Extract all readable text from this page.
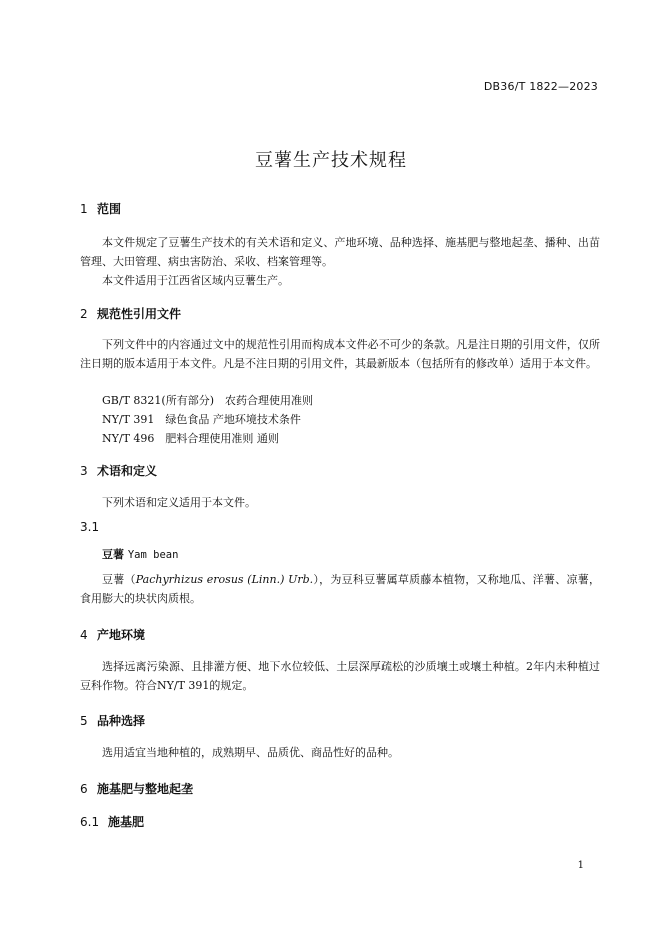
DB36/T 1822—2023
豆薯生产技术规程
1 范围
本文件规定了豆薯生产技术的有关术语和定义、产地环境、品种选择、施基肥与整地起垄、播种、出苗管理、大田管理、病虫害防治、采收、档案管理等。
本文件适用于江西省区域内豆薯生产。
2 规范性引用文件
下列文件中的内容通过文中的规范性引用而构成本文件必不可少的条款。凡是注日期的引用文件，仅所注日期的版本适用于本文件。凡是不注日期的引用文件，其最新版本（包括所有的修改单）适用于本文件。
GB/T 8321(所有部分)　农药合理使用准则
NY/T 391　绿色食品 产地环境技术条件
NY/T 496　肥料合理使用准则 通则
3 术语和定义
下列术语和定义适用于本文件。
3.1
豆薯 Yam bean
豆薯（Pachyrhizus erosus (Linn.) Urb.），为豆科豆薯属草质藤本植物，又称地瓜、洋薯、凉薯，食用膨大的块状肉质根。
4 产地环境
选择远离污染源、且排灌方便、地下水位较低、土层深厚疏松的沙质壤土或壤土种植。2年内未种植过豆科作物。符合NY/T 391的规定。
5 品种选择
选用适宜当地种植的，成熟期早、品质优、商品性好的品种。
6 施基肥与整地起垄
6.1 施基肥
1
